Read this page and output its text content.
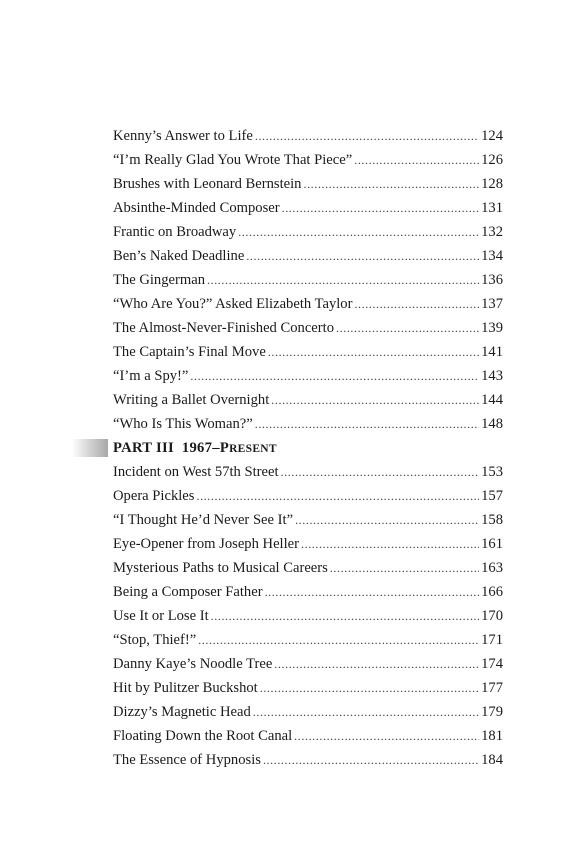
Kenny’s Answer to Life .....	124
“I’m Really Glad You Wrote That Piece” .....	126
Brushes with Leonard Bernstein .....	128
Absinthe-Minded Composer .....	131
Frantic on Broadway .....	132
Ben’s Naked Deadline .....	134
The Gingerman .....	136
“Who Are You?” Asked Elizabeth Taylor .....	137
The Almost-Never-Finished Concerto .....	139
The Captain’s Final Move .....	141
“I’m a Spy!” .....	143
Writing a Ballet Overnight .....	144
“Who Is This Woman?” .....	148
PART III 1967–PRESENT
Incident on West 57th Street .....	153
Opera Pickles .....	157
“I Thought He’d Never See It” .....	158
Eye-Opener from Joseph Heller .....	161
Mysterious Paths to Musical Careers .....	163
Being a Composer Father .....	166
Use It or Lose It .....	170
“Stop, Thief!” .....	171
Danny Kaye’s Noodle Tree .....	174
Hit by Pulitzer Buckshot .....	177
Dizzy’s Magnetic Head .....	179
Floating Down the Root Canal .....	181
The Essence of Hypnosis .....	184
